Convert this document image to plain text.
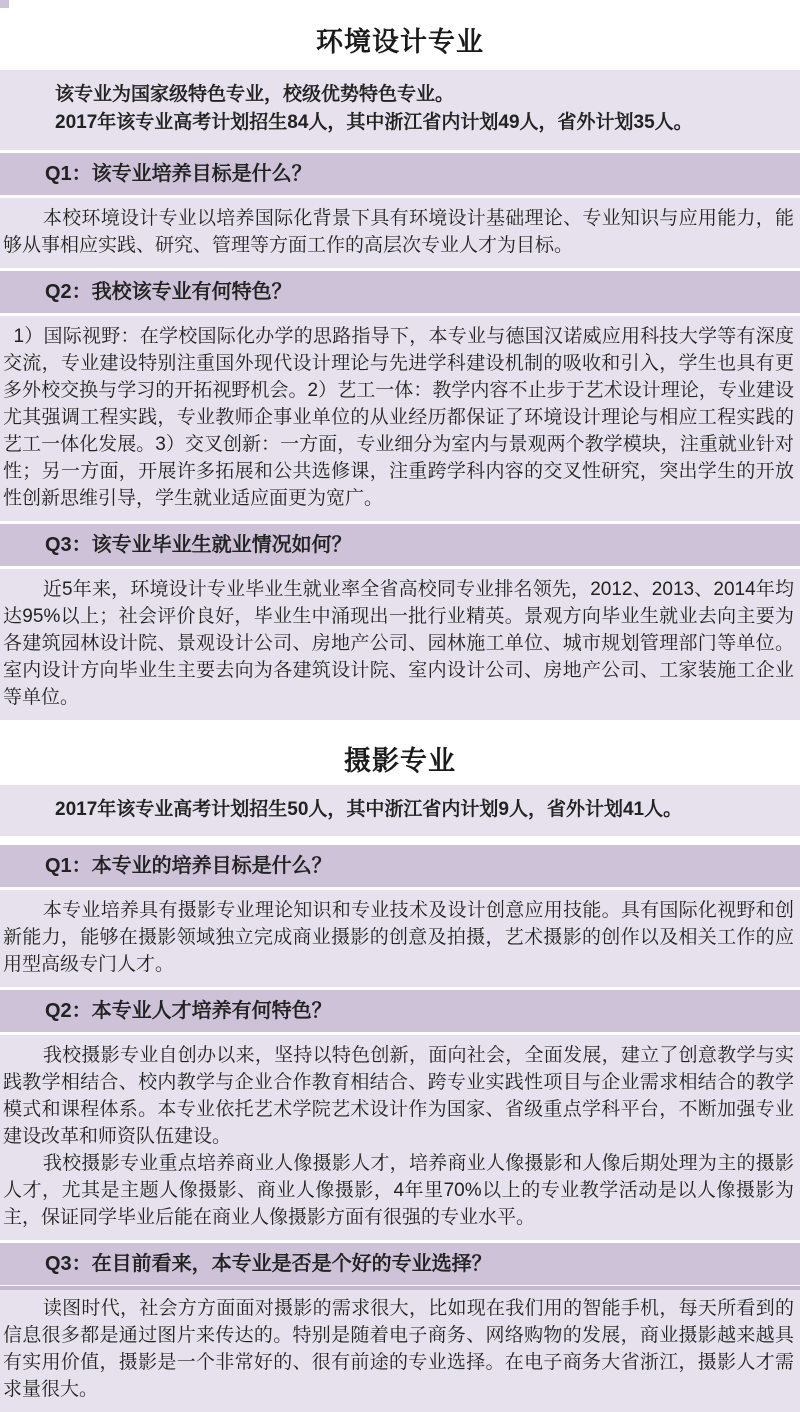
环境设计专业

该专业为国家级特色专业，校级优势特色专业。

2017年该专业高考计划招生84人，其中浙江省内计划49人，省外计划35人。

Q1：该专业培养目标是什么？

本校环境设计专业以培养国际化背景下具有环境设计基础理论、专业知识与应用能力，能够从事相应实践、研究、管理等方面工作的高层次专业人才为目标。

Q2：我校该专业有何特色？

1）国际视野：在学校国际化办学的思路指导下，本专业与德国汉诺威应用科技大学等有深度交流，专业建设特别注重国外现代设计理论与先进学科建设机制的吸收和引入，学生也具有更多外校交换与学习的开拓视野机会。2）艺工一体：教学内容不止步于艺术设计理论，专业建设尤其强调工程实践，专业教师企事业单位的从业经历都保证了环境设计理论与相应工程实践的艺工一体化发展。3）交叉创新：一方面，专业细分为室内与景观两个教学模块，注重就业针对性；另一方面，开展许多拓展和公共选修课，注重跨学科内容的交叉性研究，突出学生的开放性创新思维引导，学生就业适应面更为宽广。

Q3：该专业毕业生就业情况如何？

近5年来，环境设计专业毕业生就业率全省高校同专业排名领先，2012、2013、2014年均达95%以上；社会评价良好，毕业生中涌现出一批行业精英。景观方向毕业生就业去向主要为各建筑园林设计院、景观设计公司、房地产公司、园林施工单位、城市规划管理部门等单位。室内设计方向毕业生主要去向为各建筑设计院、室内设计公司、房地产公司、工家装施工企业等单位。

摄影专业

2017年该专业高考计划招生50人，其中浙江省内计划9人，省外计划41人。

Q1：本专业的培养目标是什么？

本专业培养具有摄影专业理论知识和专业技术及设计创意应用技能。具有国际化视野和创新能力，能够在摄影领域独立完成商业摄影的创意及拍摄，艺术摄影的创作以及相关工作的应用型高级专门人才。

Q2：本专业人才培养有何特色？

我校摄影专业自创办以来，坚持以特色创新，面向社会，全面发展，建立了创意教学与实践教学相结合、校内教学与企业合作教育相结合、跨专业实践性项目与企业需求相结合的教学模式和课程体系。本专业依托艺术学院艺术设计作为国家、省级重点学科平台，不断加强专业建设改革和师资队伍建设。

我校摄影专业重点培养商业人像摄影人才，培养商业人像摄影和人像后期处理为主的摄影人才，尤其是主题人像摄影、商业人像摄影，4年里70%以上的专业教学活动是以人像摄影为主，保证同学毕业后能在商业人像摄影方面有很强的专业水平。

Q3：在目前看来，本专业是否是个好的专业选择？

读图时代，社会方方面面对摄影的需求很大，比如现在我们用的智能手机，每天所看到的信息很多都是通过图片来传达的。特别是随着电子商务、网络购物的发展，商业摄影越来越具有实用价值，摄影是一个非常好的、很有前途的专业选择。在电子商务大省浙江，摄影人才需求量很大。
